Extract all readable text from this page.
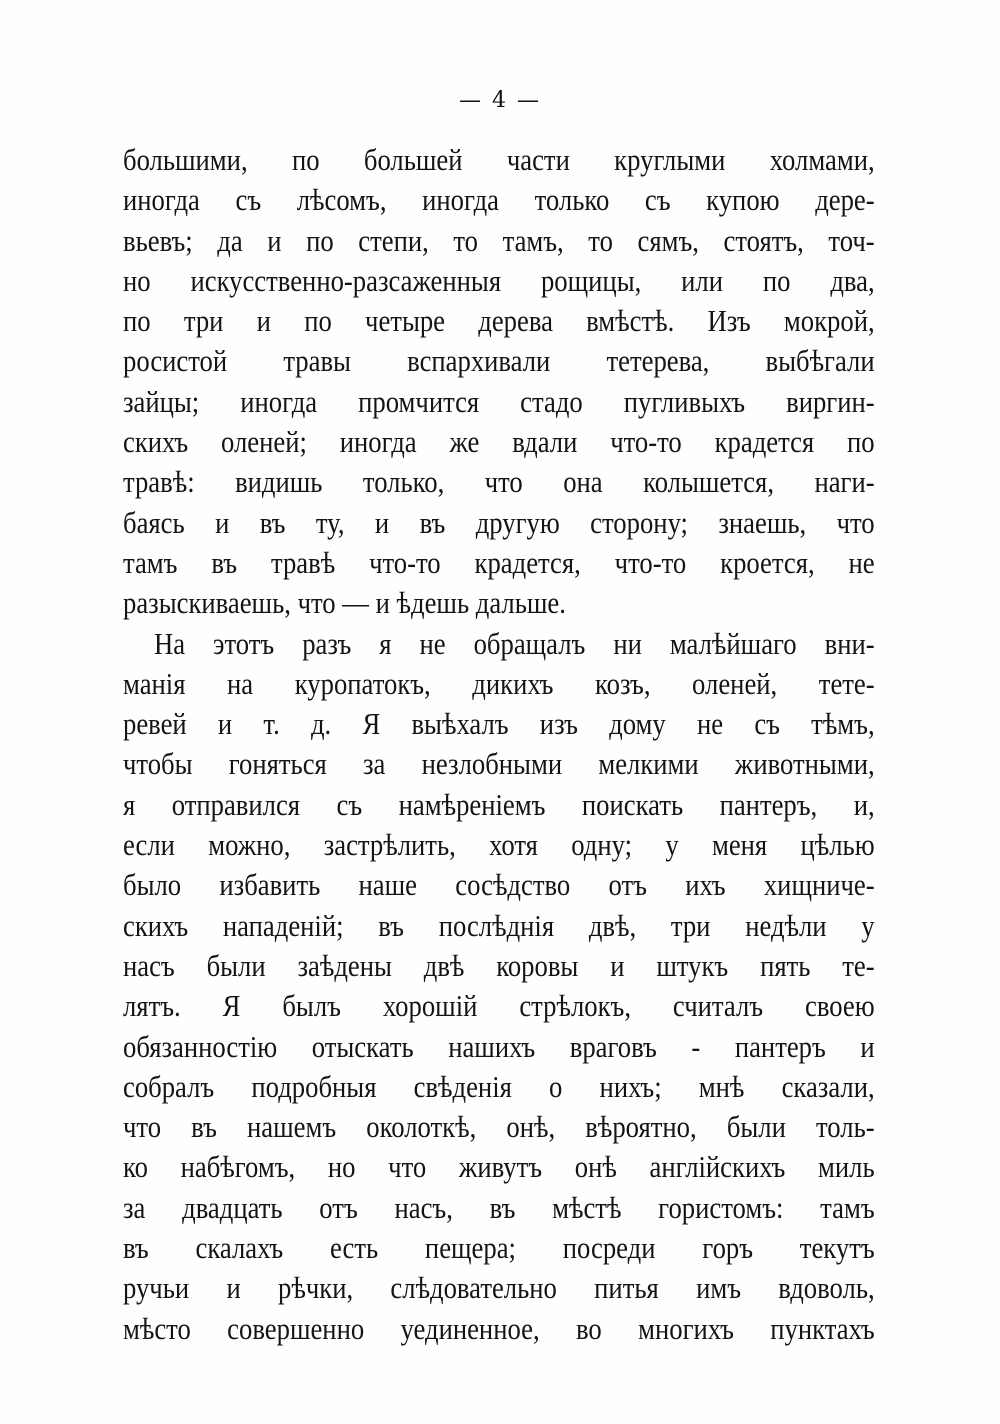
— 4 —
большими, по большей части круглыми холмами,
иногда съ лѣсомъ, иногда только съ купою дере-
вьевъ; да и по степи, то тамъ, то сямъ, стоятъ, точ-
но искусственно-разсаженныя рощицы, или по два,
по три и по четыре дерева вмѣстѣ. Изъ мокрой,
росистой травы вспархивали тетерева, выбѣгали
зайцы; иногда промчится стадо пугливыхъ виргин-
скихъ оленей; иногда же вдали что-то крадется по
травѣ: видишь только, что она колышется, наги-
баясь и въ ту, и въ другую сторону; знаешь, что
тамъ въ травѣ что-то крадется, что-то кроется, не
разыскиваешь, что — и ѣдешь дальше.
На этотъ разъ я не обращалъ ни малѣйшаго вни-
манія на куропатокъ, дикихъ козъ, оленей, тете-
ревей и т. д. Я выѣхалъ изъ дому не съ тѣмъ,
чтобы гоняться за незлобными мелкими животными,
я отправился съ намѣреніемъ поискать пантеръ, и,
если можно, застрѣлить, хотя одну; у меня цѣлью
было избавить наше сосѣдство отъ ихъ хищниче-
скихъ нападеній; въ послѣднія двѣ, три недѣли у
насъ были заѣдены двѣ коровы и штукъ пять те-
лятъ. Я былъ хорошій стрѣлокъ, считалъ своею
обязанностію отыскать нашихъ враговъ - пантеръ и
собралъ подробныя свѣденія о нихъ; мнѣ сказали,
что въ нашемъ околоткѣ, онѣ, вѣроятно, были толь-
ко набѣгомъ, но что живутъ онѣ англійскихъ миль
за двадцать отъ насъ, въ мѣстѣ гористомъ: тамъ
въ скалахъ есть пещера; посреди горъ текутъ
ручьи и рѣчки, слѣдовательно питья имъ вдоволь,
мѣсто совершенно уединенное, во многихъ пунктахъ
